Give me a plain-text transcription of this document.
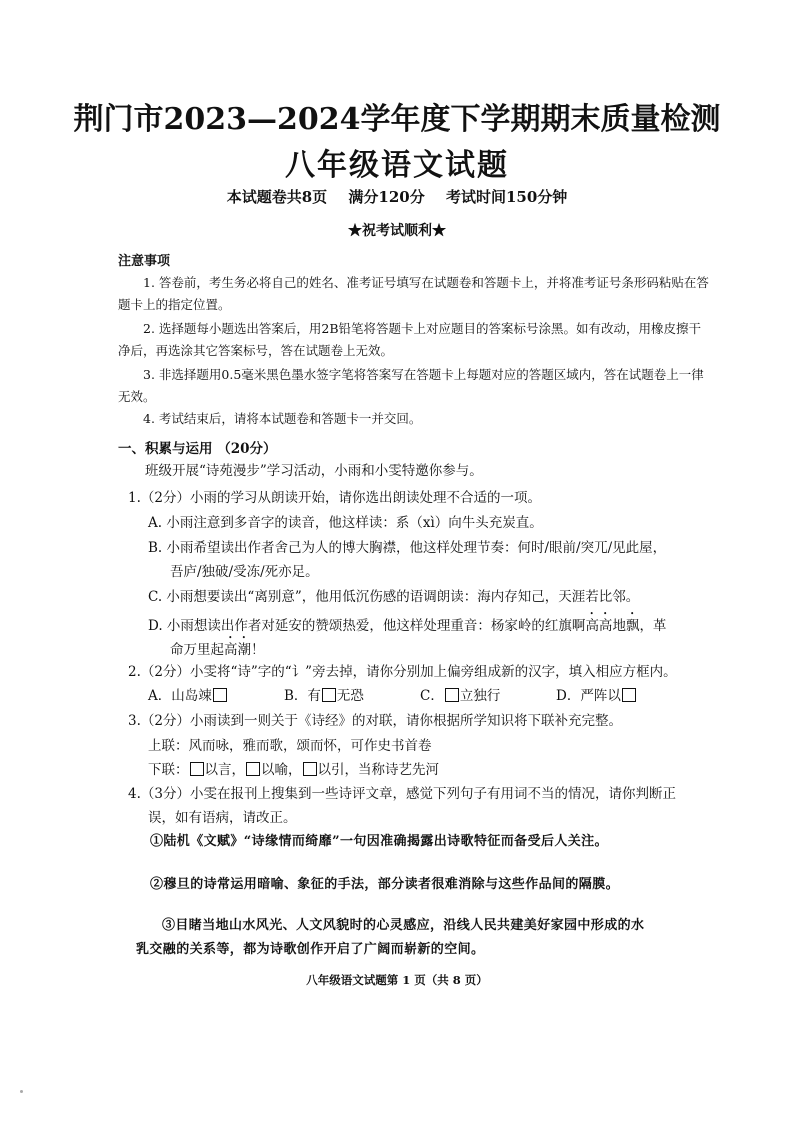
荆门市2023—2024学年度下学期期末质量检测
八年级语文试题
本试题卷共8页 满分120分 考试时间150分钟
★祝考试顺利★
注意事项
1. 答卷前，考生务必将自己的姓名、准考证号填写在试题卷和答题卡上，并将准考证号条形码粘贴在答题卡上的指定位置。
2. 选择题每小题选出答案后，用2B铅笔将答题卡上对应题目的答案标号涂黑。如有改动，用橡皮擦干净后，再选涂其它答案标号，答在试题卷上无效。
3. 非选择题用0.5毫米黑色墨水签字笔将答案写在答题卡上每题对应的答题区域内，答在试题卷上一律无效。
4. 考试结束后，请将本试题卷和答题卡一并交回。
一、积累与运用 （20分）
班级开展“诗苑漫步”学习活动，小雨和小雯特邀你参与。
1.（2分）小雨的学习从朗读开始，请你选出朗读处理不合适的一项。
A. 小雨注意到多音字的读音，他这样读：系（xì）向牛头充炭直。
B. 小雨希望读出作者舍己为人的博大胸襟，他这样处理节奏：何时/眼前/突兀/见此屋，
吾庐/独破/受冻/死亦足。
C. 小雨想要读出“离别意”，他用低沉伤感的语调朗读：海内存知己，天涯若比邻。
D. 小雨想读出作者对延安的赞颂热爱，他这样处理重音：杨家岭的红旗啊高高地飘，革
命万里起高潮！
2.（2分）小雯将“诗”字的“讠”旁去掉，请你分别加上偏旁组成新的汉字，填入相应方框内。
A．山岛竦	B．有 无恐	C． 立独行	D．严阵以
3.（2分）小雨读到一则关于《诗经》的对联，请你根据所学知识将下联补充完整。
上联：风而咏，雅而歌，颂而怀，可作史书首卷
下联： 以言， 以喻， 以引，当称诗艺先河
4.（3分）小雯在报刊上搜集到一些诗评文章，感觉下列句子有用词不当的情况，请你判断正
误，如有语病，请改正。
①陆机《文赋》“诗缘情而绮靡”一句因准确揭露出诗歌特征而备受后人关注。
②穆旦的诗常运用暗喻、象征的手法，部分读者很难消除与这些作品间的隔膜。
③目睹当地山水风光、人文风貌时的心灵感应，沿线人民共建美好家园中形成的水
乳交融的关系等，都为诗歌创作开启了广阔而崭新的空间。
八年级语文试题第 1 页（共 8 页）
